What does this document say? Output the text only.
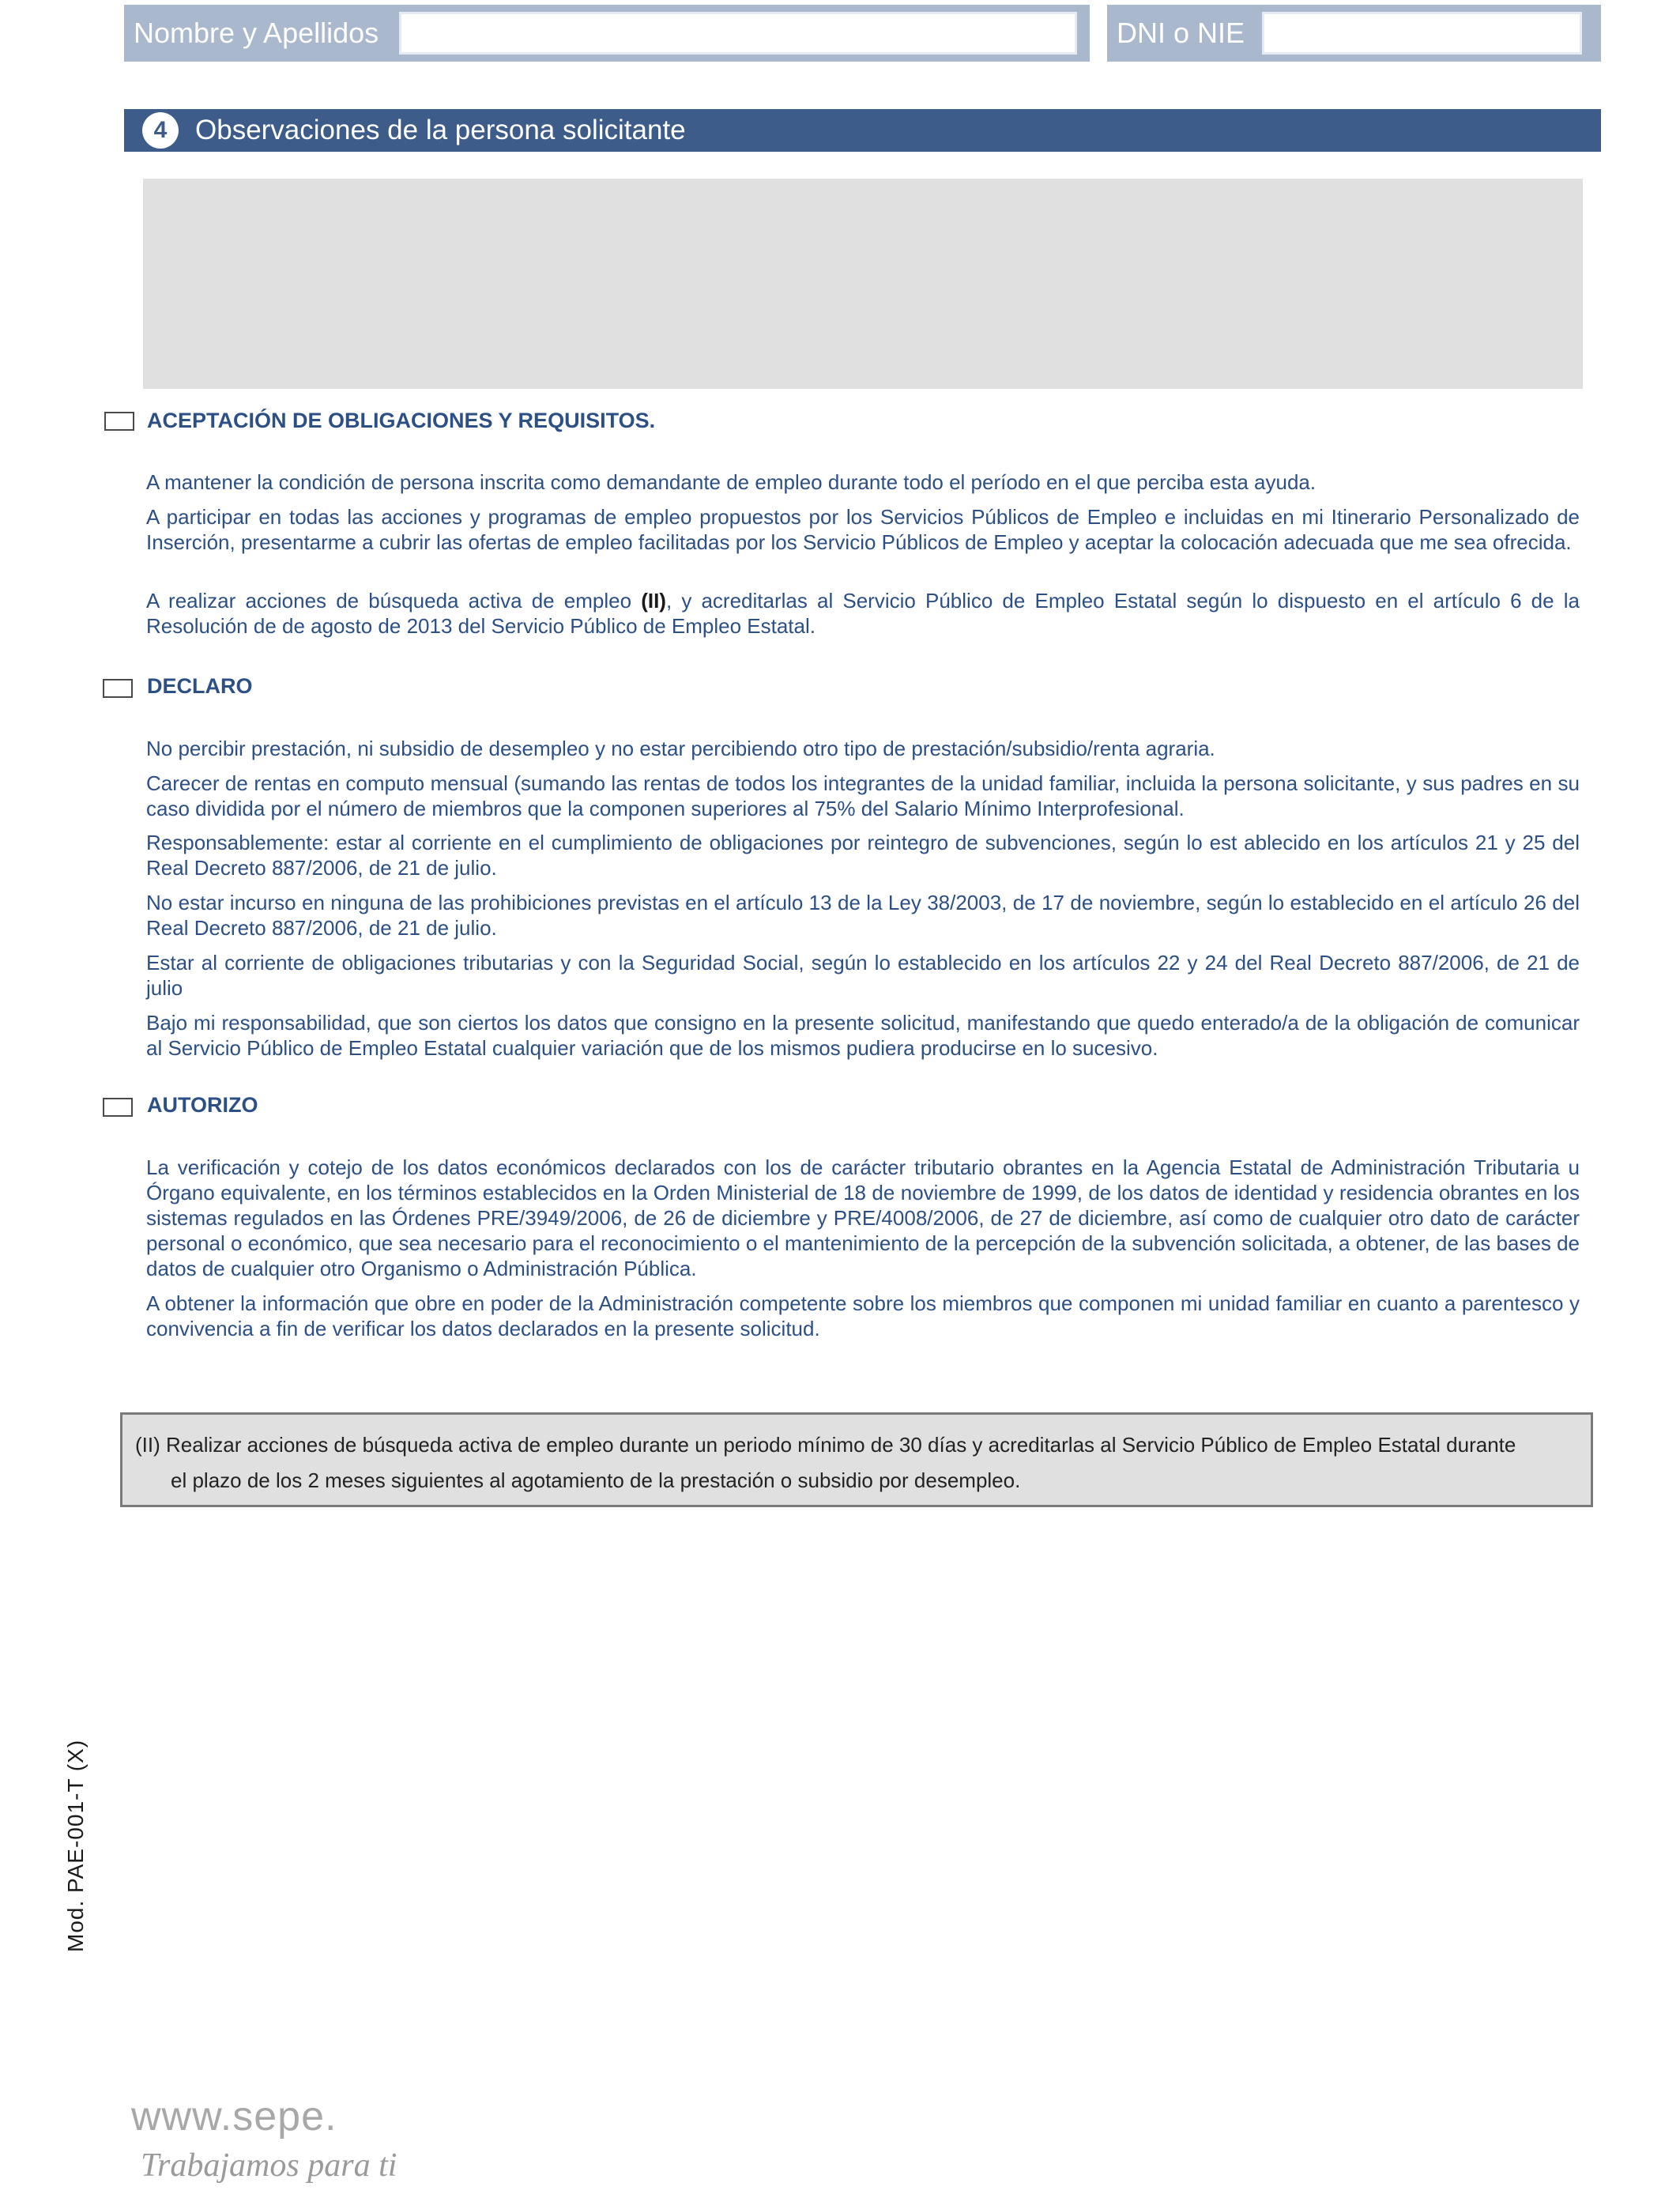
Nombre y Apellidos	DNI o NIE
4	Observaciones de la persona solicitante
ACEPTACIÓN DE OBLIGACIONES Y REQUISITOS.
A mantener la condición de persona inscrita como demandante de empleo durante todo el período en el que perciba esta ayuda.
A participar en todas las acciones y programas de empleo propuestos por los Servicios Públicos de Empleo e incluidas en mi Itinerario Personalizado de Inserción, presentarme a cubrir las ofertas de empleo facilitadas por los Servicio Públicos de Empleo y aceptar la colocación adecuada que me sea ofrecida.
A realizar acciones de búsqueda activa de empleo (II), y acreditarlas al Servicio Público de Empleo Estatal según lo dispuesto en el artículo 6 de la Resolución de de agosto de 2013 del Servicio Público de Empleo Estatal.
DECLARO
No percibir prestación, ni subsidio de desempleo y no estar percibiendo otro tipo de prestación/subsidio/renta agraria.
Carecer de rentas en computo mensual (sumando las rentas de todos los integrantes de la unidad familiar, incluida la persona solicitante, y sus padres en su caso dividida por el número de miembros que la componen superiores al 75% del Salario Mínimo Interprofesional.
Responsablemente: estar al corriente en el cumplimiento de obligaciones por reintegro de subvenciones, según lo est ablecido en los artículos 21 y 25 del Real Decreto 887/2006, de 21 de julio.
No estar incurso en ninguna de las prohibiciones previstas en el artículo 13 de la Ley 38/2003, de 17 de noviembre, según lo establecido en el artículo 26 del Real Decreto 887/2006, de 21 de julio.
Estar al corriente de obligaciones tributarias y con la Seguridad Social, según lo establecido en los artículos 22 y 24 del Real Decreto 887/2006, de 21 de julio
Bajo mi responsabilidad, que son ciertos los datos que consigno en la presente solicitud, manifestando que quedo enterado/a de la obligación de comunicar al Servicio Público de Empleo Estatal cualquier variación que de los mismos pudiera producirse en lo sucesivo.
AUTORIZO
La verificación y cotejo de los datos económicos declarados con los de carácter tributario obrantes en la Agencia Estatal de Administración Tributaria u Órgano equivalente, en los términos establecidos en la Orden Ministerial de 18 de noviembre de 1999, de los datos de identidad y residencia obrantes en los sistemas regulados en las Órdenes PRE/3949/2006, de 26 de diciembre y PRE/4008/2006, de 27 de diciembre, así como de cualquier otro dato de carácter personal o económico, que sea necesario para el reconocimiento o el mantenimiento de la percepción de la subvención solicitada, a obtener, de las bases de datos de cualquier otro Organismo o Administración Pública.
A obtener la información que obre en poder de la Administración competente sobre los miembros que componen mi unidad familiar en cuanto a parentesco y convivencia a fin de verificar los datos declarados en la presente solicitud.
(II) Realizar acciones de búsqueda activa de empleo durante un periodo mínimo de 30 días y acreditarlas al Servicio Público de Empleo Estatal durante
el plazo de los 2 meses siguientes al agotamiento de la prestación o subsidio por desempleo.
Mod. PAE-001-T (X)
www.sepe.
Trabajamos para ti
